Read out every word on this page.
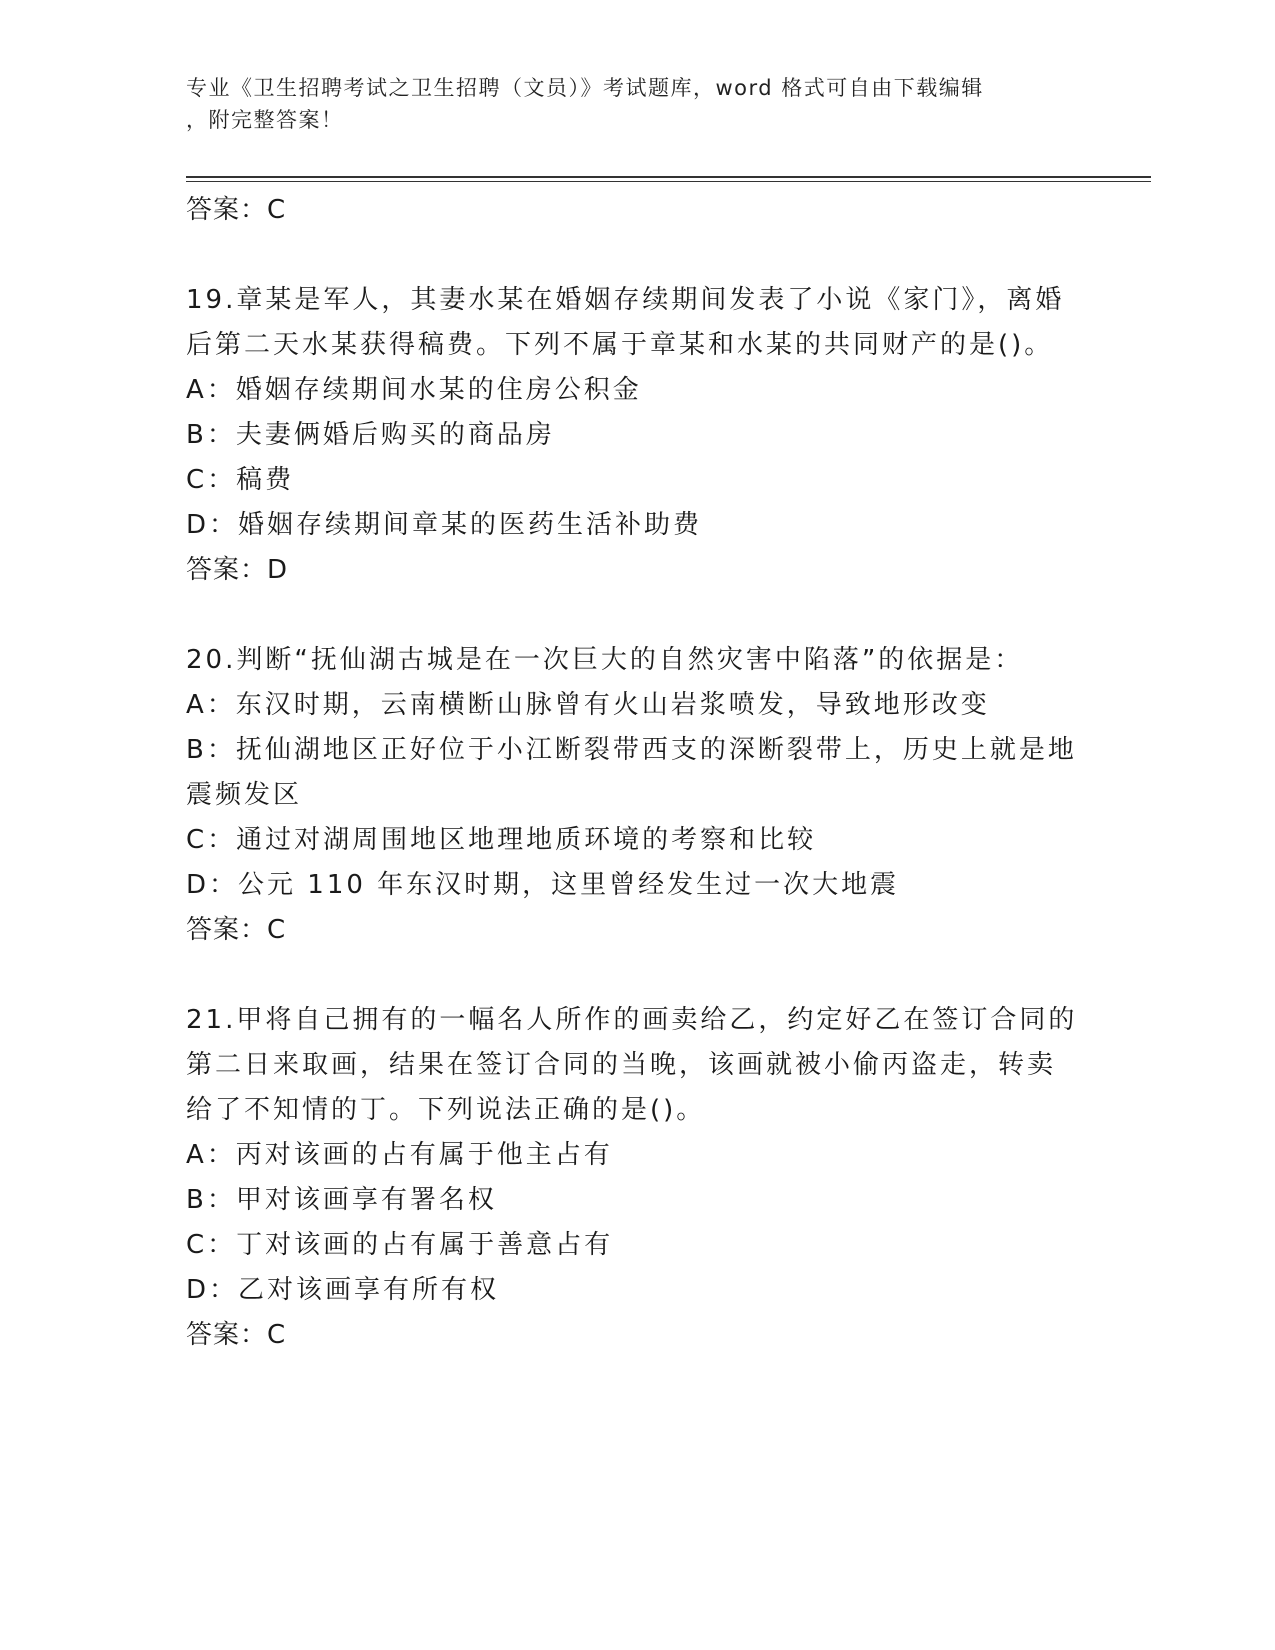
专业《卫生招聘考试之卫生招聘（文员）》考试题库，word 格式可自由下载编辑
，附完整答案！
答案：C
19.章某是军人，其妻水某在婚姻存续期间发表了小说《家门》，离婚
后第二天水某获得稿费。下列不属于章某和水某的共同财产的是()。
A：婚姻存续期间水某的住房公积金
B：夫妻俩婚后购买的商品房
C：稿费
D：婚姻存续期间章某的医药生活补助费
答案：D
20.判断“抚仙湖古城是在一次巨大的自然灾害中陷落”的依据是：
A：东汉时期，云南横断山脉曾有火山岩浆喷发，导致地形改变
B：抚仙湖地区正好位于小江断裂带西支的深断裂带上，历史上就是地
震频发区
C：通过对湖周围地区地理地质环境的考察和比较
D：公元 110 年东汉时期，这里曾经发生过一次大地震
答案：C
21.甲将自己拥有的一幅名人所作的画卖给乙，约定好乙在签订合同的
第二日来取画，结果在签订合同的当晚，该画就被小偷丙盗走，转卖
给了不知情的丁。下列说法正确的是()。
A：丙对该画的占有属于他主占有
B：甲对该画享有署名权
C：丁对该画的占有属于善意占有
D：乙对该画享有所有权
答案：C
